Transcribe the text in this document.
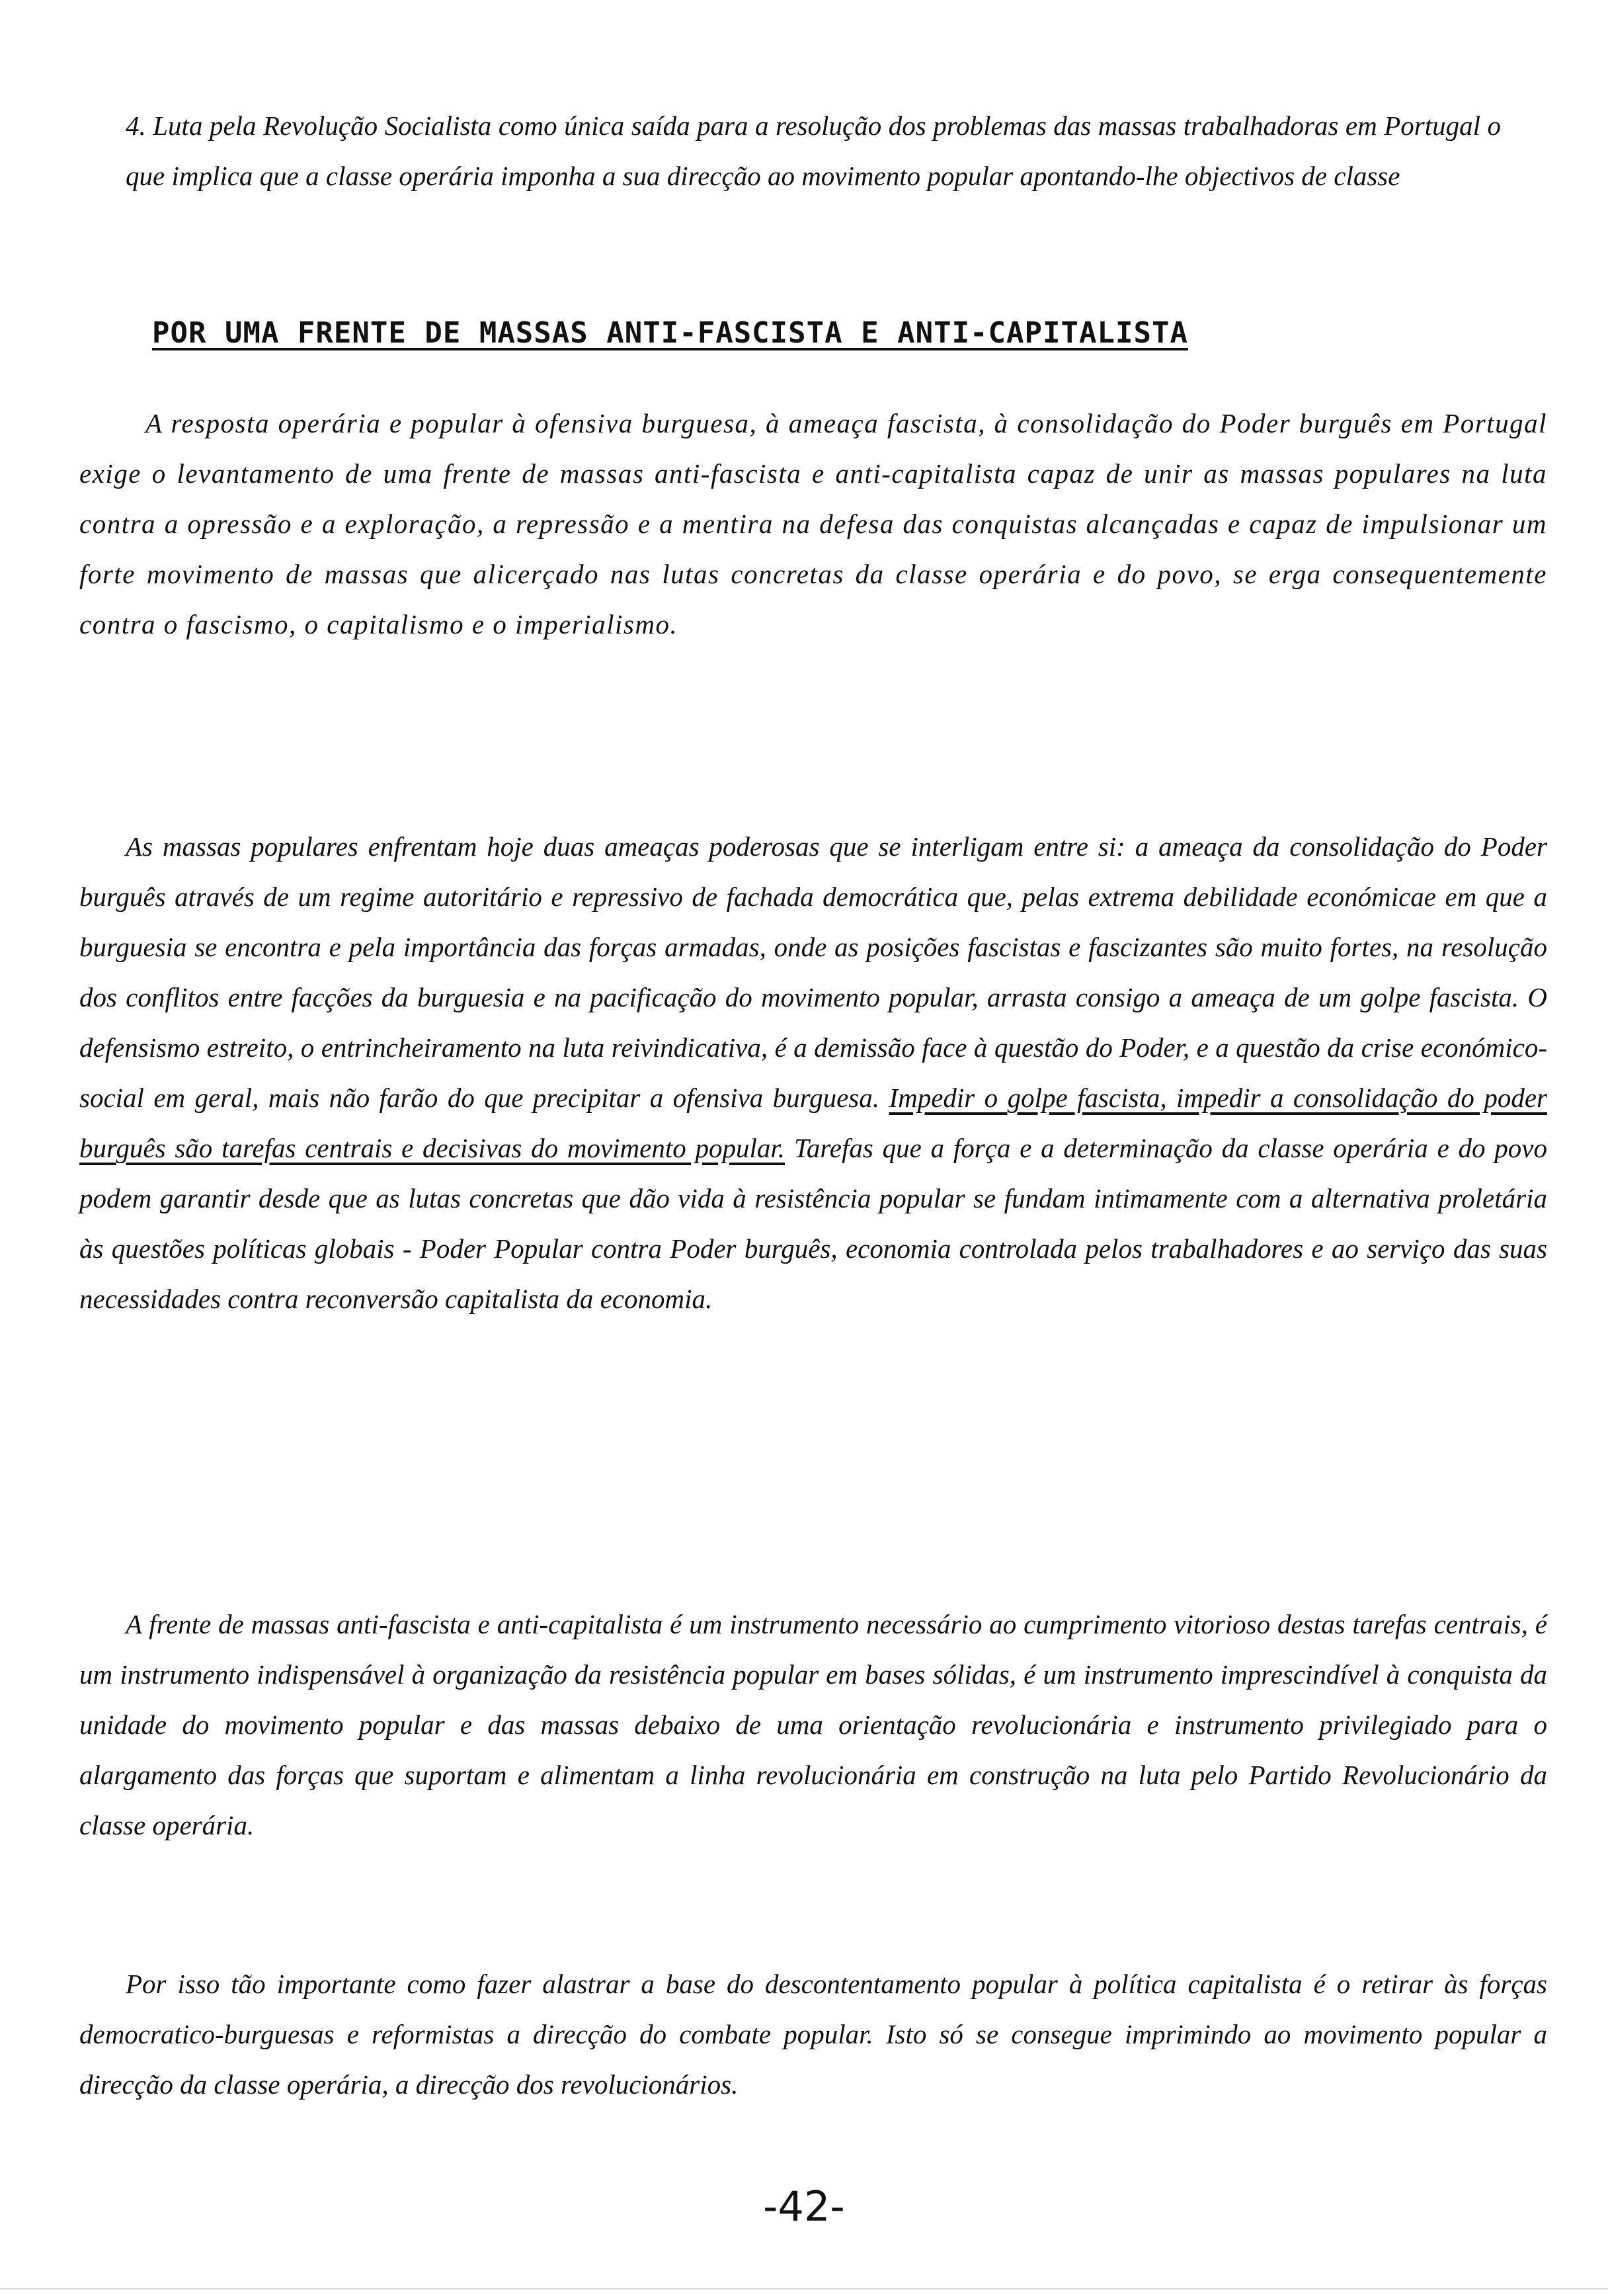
4. Luta pela Revolução Socialista como única saída para a resolução dos problemas das massas trabalhadoras em Portugal o que implica que a classe operária imponha a sua direcção ao movimento popular apontando-lhe objectivos de classe

POR UMA FRENTE DE MASSAS ANTI-FASCISTA E ANTI-CAPITALISTA

A resposta operária e popular à ofensiva burguesa, à ameaça fascista, à consolidação do Poder burguês em Portugal exige o levantamento de uma frente de massas anti-fascista e anti-capitalista capaz de unir as massas populares na luta contra a opressão e a exploração, a repressão e a mentira na defesa das conquistas alcançadas e capaz de impulsionar um forte movimento de massas que alicerçado nas lutas concretas da classe operária e do povo, se erga consequentemente contra o fascismo, o capitalismo e o imperialismo.

As massas populares enfrentam hoje duas ameaças poderosas que se interligam entre si: a ameaça da consolidação do Poder burguês através de um regime autoritário e repressivo de fachada democrática que, pelas extrema debilidade económicae em que a burguesia se encontra e pela importância das forças armadas, onde as posições fascistas e fascizantes são muito fortes, na resolução dos conflitos entre facções da burguesia e na pacificação do movimento popular, arrasta consigo a ameaça de um golpe fascista. O defensismo estreito, o entrincheiramento na luta reivindicativa, é a demissão face à questão do Poder, e a questão da crise económico-social em geral, mais não farão do que precipitar a ofensiva burguesa. Impedir o golpe fascista, impedir a consolidação do poder burguês são tarefas centrais e decisivas do movimento popular. Tarefas que a força e a determinação da classe operária e do povo podem garantir desde que as lutas concretas que dão vida à resistência popular se fundam intimamente com a alternativa proletária às questões políticas globais - Poder Popular contra Poder burguês, economia controlada pelos trabalhadores e ao serviço das suas necessidades contra reconversão capitalista da economia.

A frente de massas anti-fascista e anti-capitalista é um instrumento necessário ao cumprimento vitorioso destas tarefas centrais, é um instrumento indispensável à organização da resistência popular em bases sólidas, é um instrumento imprescindível à conquista da unidade do movimento popular e das massas debaixo de uma orientação revolucionária e instrumento privilegiado para o alargamento das forças que suportam e alimentam a linha revolucionária em construção na luta pelo Partido Revolucionário da classe operária.

Por isso tão importante como fazer alastrar a base do descontentamento popular à política capitalista é o retirar às forças democratico-burguesas e reformistas a direcção do combate popular. Isto só se consegue imprimindo ao movimento popular a direcção da classe operária, a direcção dos revolucionários.

-42-
